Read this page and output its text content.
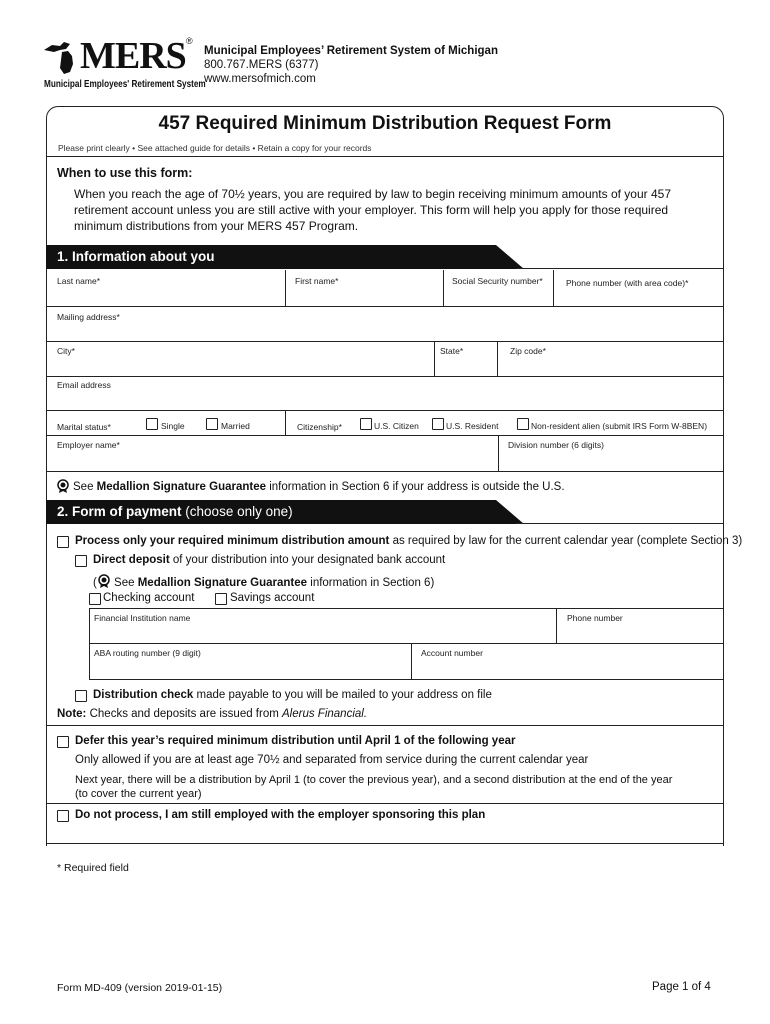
MERS ®
Municipal Employees' Retirement System
Municipal Employees’ Retirement System of Michigan
800.767.MERS (6377)
www.mersofmich.com
457 Required Minimum Distribution Request Form
Please print clearly • See attached guide for details • Retain a copy for your records
When to use this form:
When you reach the age of 70½ years, you are required by law to begin receiving minimum amounts of your 457 retirement account unless you are still active with your employer. This form will help you apply for those required minimum distributions from your MERS 457 Program.
1. Information about you
Last name*	First name*	Social Security number*	Phone number (with area code)*
Mailing address*
City*	State*	Zip code*
Email address
Marital status*	Single	Married	Citizenship*	U.S. Citizen	U.S. Resident	Non-resident alien (submit IRS Form W-8BEN)
Employer name*	Division number (6 digits)
See Medallion Signature Guarantee information in Section 6 if your address is outside the U.S.
2. Form of payment (choose only one)
Process only your required minimum distribution amount as required by law for the current calendar year (complete Section 3)
Direct deposit of your distribution into your designated bank account
( See Medallion Signature Guarantee information in Section 6)
Checking account	Savings account
Financial Institution name	Phone number
ABA routing number (9 digit)	Account number
Distribution check made payable to you will be mailed to your address on file
Note: Checks and deposits are issued from Alerus Financial.
Defer this year’s required minimum distribution until April 1 of the following year
Only allowed if you are at least age 70½ and separated from service during the current calendar year
Next year, there will be a distribution by April 1 (to cover the previous year), and a second distribution at the end of the year
(to cover the current year)
Do not process, I am still employed with the employer sponsoring this plan
* Required field
Form MD-409 (version 2019-01-15)	Page 1 of 4
